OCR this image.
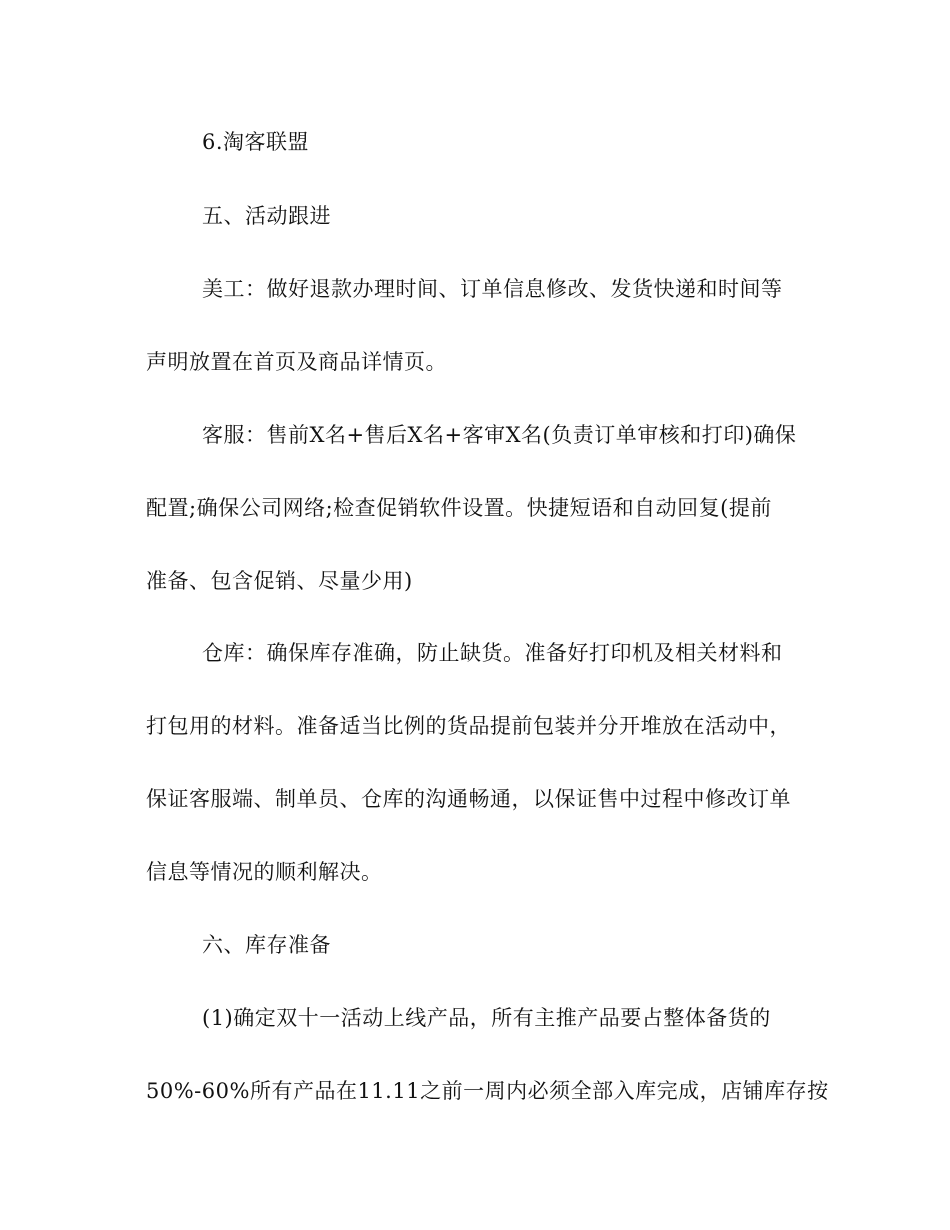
6.淘客联盟
五、活动跟进
美工：做好退款办理时间、订单信息修改、发货快递和时间等
声明放置在首页及商品详情页。
客服：售前X名+售后X名+客审X名(负责订单审核和打印)确保
配置;确保公司网络;检查促销软件设置。快捷短语和自动回复(提前
准备、包含促销、尽量少用)
仓库：确保库存准确，防止缺货。准备好打印机及相关材料和
打包用的材料。准备适当比例的货品提前包装并分开堆放在活动中，
保证客服端、制单员、仓库的沟通畅通，以保证售中过程中修改订单
信息等情况的顺利解决。
六、库存准备
(1)确定双十一活动上线产品，所有主推产品要占整体备货的
50%-60%所有产品在11.11之前一周内必须全部入库完成，店铺库存按
